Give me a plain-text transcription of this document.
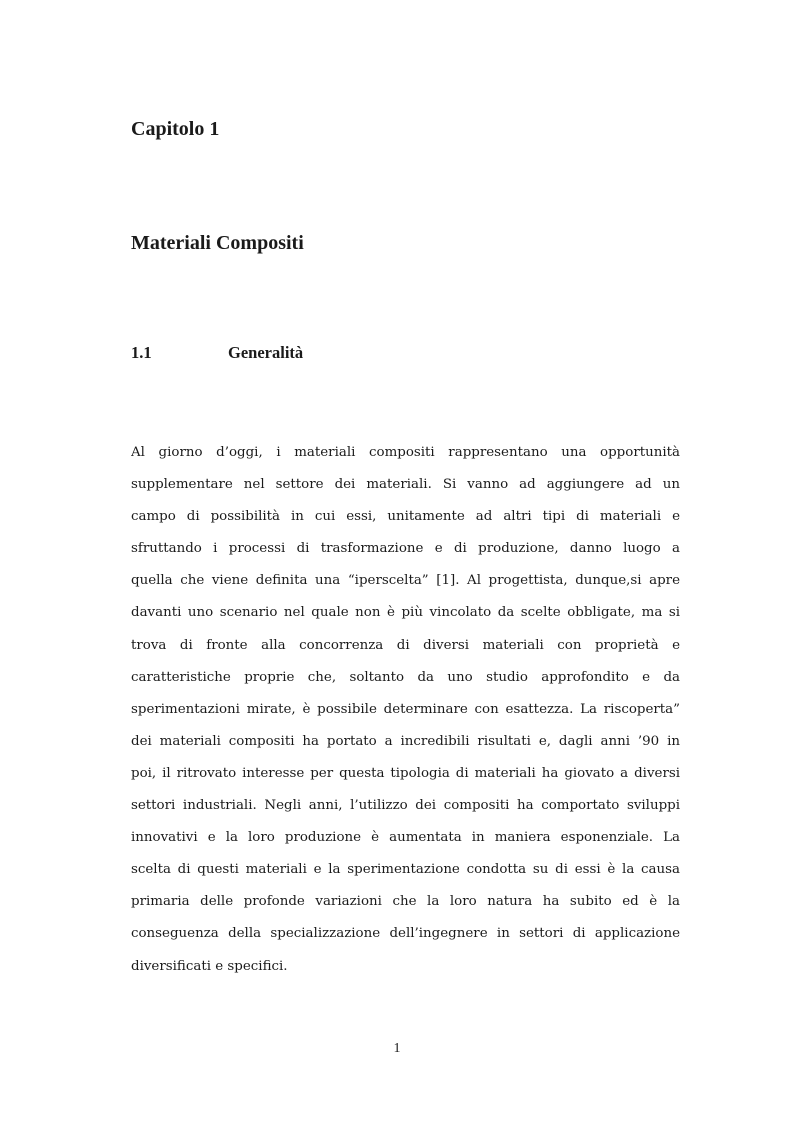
Capitolo 1
Materiali Compositi
1.1	Generalità
Al giorno d’oggi, i materiali compositi rappresentano una opportunità
supplementare nel settore dei materiali. Si vanno ad aggiungere ad un
campo di possibilità in cui essi, unitamente ad altri tipi di materiali e
sfruttando i processi di trasformazione e di produzione, danno luogo a
quella che viene definita una “iperscelta” [1]. Al progettista, dunque,si apre
davanti uno scenario nel quale non è più vincolato da scelte obbligate, ma si
trova di fronte alla concorrenza di diversi materiali con proprietà e
caratteristiche proprie che, soltanto da uno studio approfondito e da
sperimentazioni mirate, è possibile determinare con esattezza. La riscoperta”
dei materiali compositi ha portato a incredibili risultati e, dagli anni ’90 in
poi, il ritrovato interesse per questa tipologia di materiali ha giovato a diversi
settori industriali. Negli anni, l’utilizzo dei compositi ha comportato sviluppi
innovativi e la loro produzione è aumentata in maniera esponenziale. La
scelta di questi materiali e la sperimentazione condotta su di essi è la causa
primaria delle profonde variazioni che la loro natura ha subito ed è la
conseguenza della specializzazione dell’ingegnere in settori di applicazione
diversificati e specifici.
1
